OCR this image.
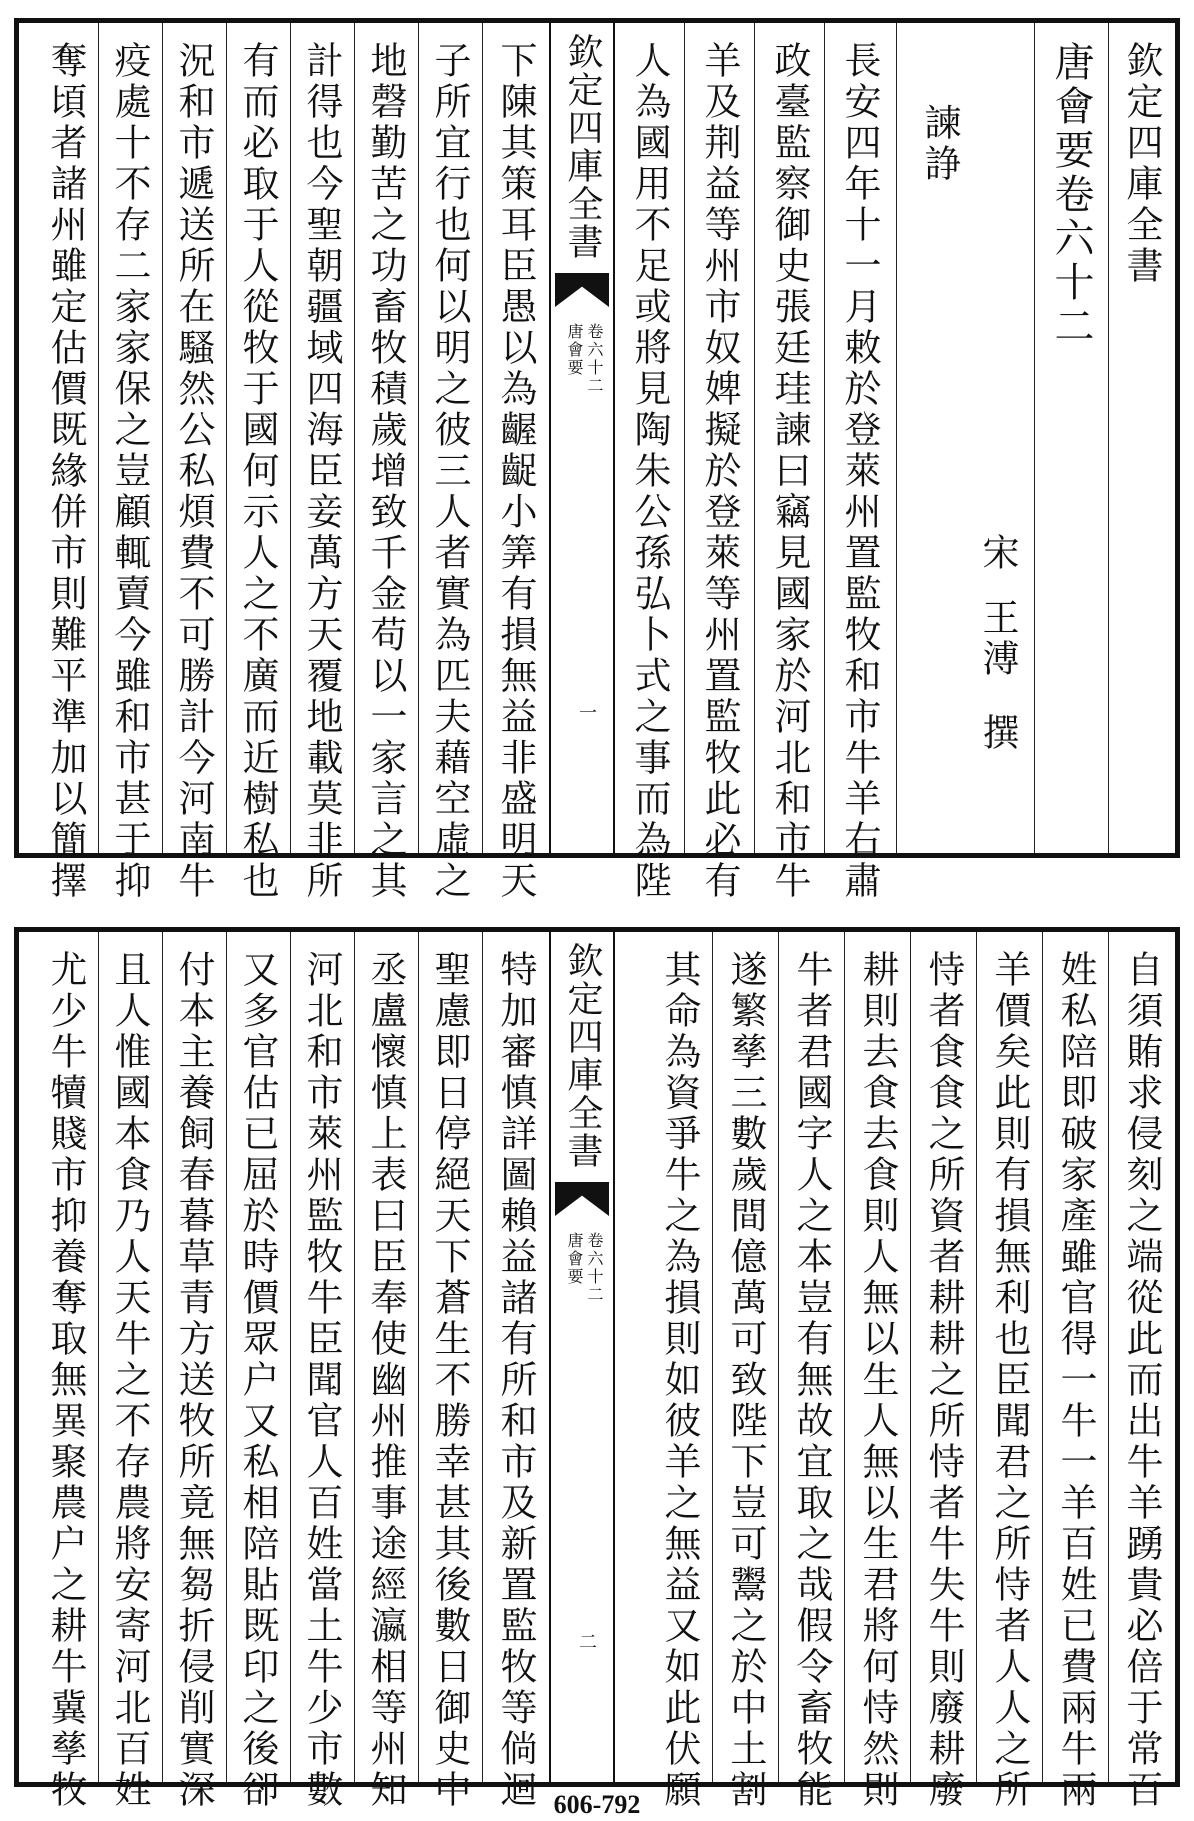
欽定四庫全書
唐會要卷六十二
諫諍
宋
王溥
撰
長安四年十一月敕於登萊州置監牧和市牛羊右肅
政臺監察御史張廷珪諫曰竊見國家於河北和市牛
羊及荆益等州市奴婢擬於登萊等州置監牧此必有
人為國用不足或將見陶朱公孫弘卜式之事而為陛
欽定四庫全書
唐會要 卷六十二
一
下陳其策耳臣愚以為齷齪小筭有損無益非盛明天
子所宜行也何以明之彼三人者實為匹夫藉空虛之
地磬勤苦之功畜牧積歲增致千金苟以一家言之其
計得也今聖朝疆域四海臣妾萬方天覆地載莫非所
有而必取于人從牧于國何示人之不廣而近樹私也
況和市遞送所在騷然公私煩費不可勝計今河南牛
疫處十不存二家家保之豈顧輒賣今雖和市甚于抑
奪頃者諸州雖定估價既緣併市則難平準加以簡擇
自須賄求侵刻之端從此而出牛羊踴貴必倍于常百
姓私陪即破家產雖官得一牛一羊百姓已費兩牛兩
羊價矣此則有損無利也臣聞君之所恃者人人之所
恃者食食之所資者耕耕之所恃者牛失牛則廢耕廢
耕則去食去食則人無以生人無以生君將何恃然則
牛者君國字人之本豈有無故宜取之哉假令畜牧能
遂繁孳三數歲間億萬可致陛下豈可鬻之於中土割
其命為資爭牛之為損則如彼羊之無益又如此伏願
欽定四庫全書
唐會要 卷六十二
二
特加審慎詳圖賴益諸有所和市及新置監牧等倘迴
聖慮即日停絕天下蒼生不勝幸甚其後數日御史中
丞盧懷慎上表曰臣奉使幽州推事途經瀛相等州知
河北和市萊州監牧牛臣聞官人百姓當土牛少市數
又多官估已屈於時價眾户又私相陪貼既印之後卻
付本主養飼春暮草青方送牧所竟無芻折侵削實深
且人惟國本食乃人天牛之不存農將安寄河北百姓
尤少牛犢賤市抑養奪取無異聚農户之耕牛冀孳牧	606-792
